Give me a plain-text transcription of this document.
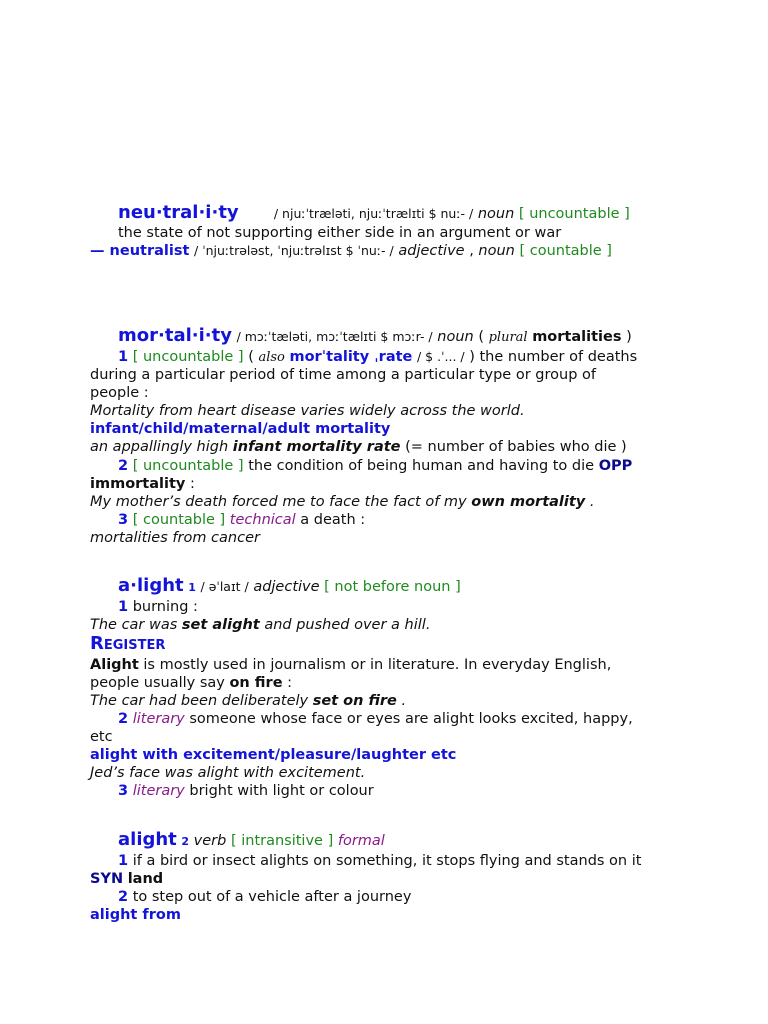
neu·tral·i·ty	/ njuːˈtræləti, njuːˈtrælɪti $ nuː- / noun [ uncountable ]
the state of not supporting either side in an argument or war
— neutralist / ˈnjuːtrələst, ˈnjuːtrəlɪst $ ˈnuː- / adjective , noun [ countable ]
mor·tal·i·ty / mɔːˈtæləti, mɔːˈtælɪti $ mɔːr- / noun ( plural mortalities )
1 [ uncountable ] ( also morˈtality ˌrate / $ .ˈ... / ) the number of deaths
during a particular period of time among a particular type or group of
people :
Mortality from heart disease varies widely across the world.
infant/child/maternal/adult mortality
an appallingly high infant mortality rate (= number of babies who die )
2 [ uncountable ] the condition of being human and having to die OPP
immortality :
My mother’s death forced me to face the fact of my own mortality .
3 [ countable ] technical a death :
mortalities from cancer
a·light 1 / əˈlaɪt / adjective [ not before noun ]
1 burning :
The car was set alight and pushed over a hill.
Register
Alight is mostly used in journalism or in literature. In everyday English,
people usually say on fire :
The car had been deliberately set on fire .
2 literary someone whose face or eyes are alight looks excited, happy,
etc
alight with excitement/pleasure/laughter etc
Jed’s face was alight with excitement.
3 literary bright with light or colour
alight 2 verb [ intransitive ] formal
1 if a bird or insect alights on something, it stops flying and stands on it
SYN land
2 to step out of a vehicle after a journey
alight from
